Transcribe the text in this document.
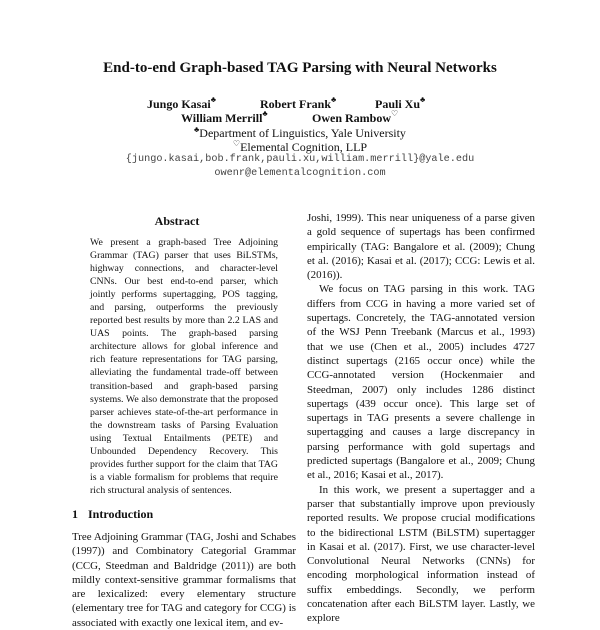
End-to-end Graph-based TAG Parsing with Neural Networks
Jungo Kasai♣	Robert Frank♣	Pauli Xu♣
William Merrill♣	Owen Rambow♡
♣Department of Linguistics, Yale University
♡Elemental Cognition, LLP
{jungo.kasai,bob.frank,pauli.xu,william.merrill}@yale.edu
owenr@elementalcognition.com
Abstract
We present a graph-based Tree Adjoining Grammar (TAG) parser that uses BiLSTMs, highway connections, and character-level CNNs. Our best end-to-end parser, which jointly performs supertagging, POS tagging, and parsing, outperforms the previously reported best results by more than 2.2 LAS and UAS points. The graph-based parsing architecture allows for global inference and rich feature representations for TAG parsing, alleviating the fundamental trade-off between transition-based and graph-based parsing systems. We also demonstrate that the proposed parser achieves state-of-the-art performance in the downstream tasks of Parsing Evaluation using Textual Entailments (PETE) and Unbounded Dependency Recovery. This provides further support for the claim that TAG is a viable formalism for problems that require rich structural analysis of sentences.
1 Introduction
Tree Adjoining Grammar (TAG, Joshi and Schabes (1997)) and Combinatory Categorial Grammar (CCG, Steedman and Baldridge (2011)) are both mildly context-sensitive grammar formalisms that are lexicalized: every elementary structure (elementary tree for TAG and category for CCG) is associated with exactly one lexical item, and ev-

Joshi, 1999). This near uniqueness of a parse given a gold sequence of supertags has been confirmed empirically (TAG: Bangalore et al. (2009); Chung et al. (2016); Kasai et al. (2017); CCG: Lewis et al. (2016)).

We focus on TAG parsing in this work. TAG differs from CCG in having a more varied set of supertags. Concretely, the TAG-annotated version of the WSJ Penn Treebank (Marcus et al., 1993) that we use (Chen et al., 2005) includes 4727 distinct supertags (2165 occur once) while the CCG-annotated version (Hockenmaier and Steedman, 2007) only includes 1286 distinct supertags (439 occur once). This large set of supertags in TAG presents a severe challenge in supertagging and causes a large discrepancy in parsing performance with gold supertags and predicted supertags (Bangalore et al., 2009; Chung et al., 2016; Kasai et al., 2017).

In this work, we present a supertagger and a parser that substantially improve upon previously reported results. We propose crucial modifications to the bidirectional LSTM (BiLSTM) supertagger in Kasai et al. (2017). First, we use character-level Convolutional Neural Networks (CNNs) for encoding morphological information instead of suffix embeddings. Secondly, we perform concatenation after each BiLSTM layer. Lastly, we explore
